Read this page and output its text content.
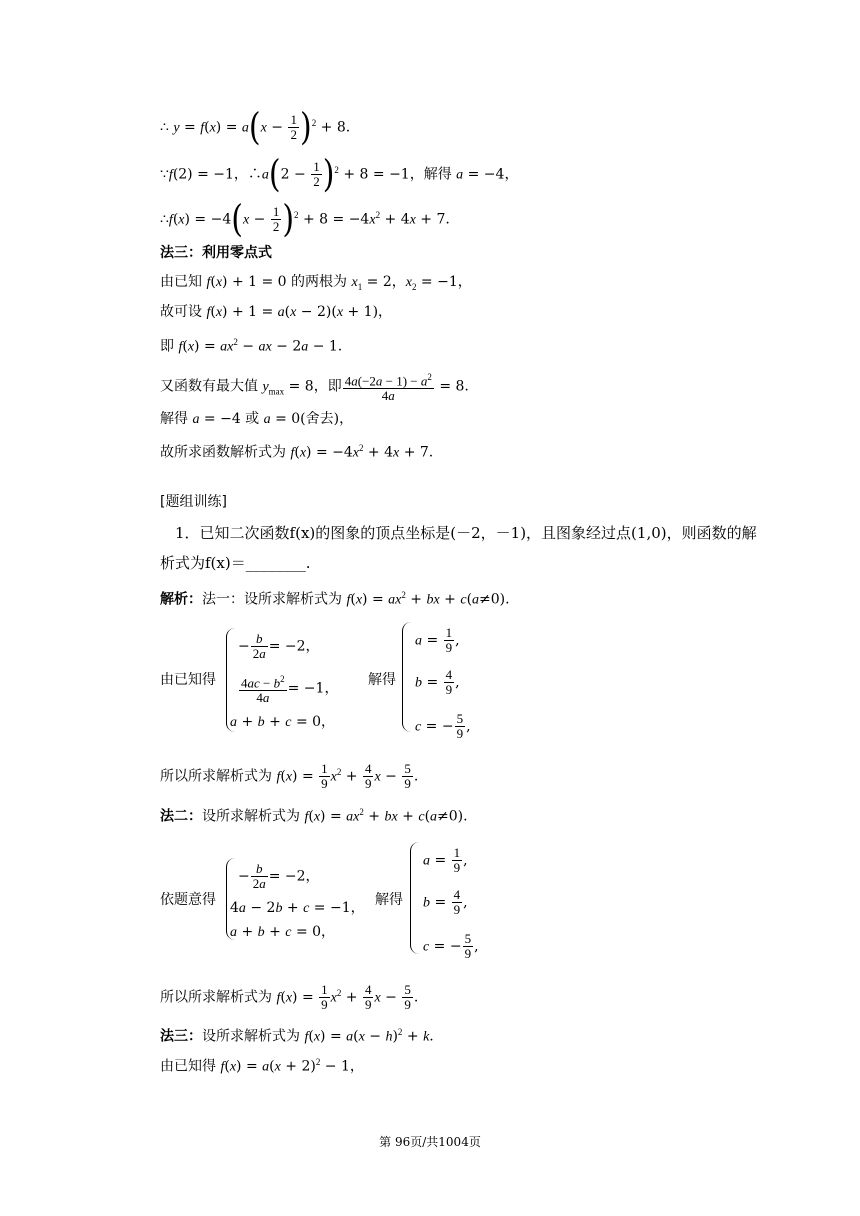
∴ $y = f(x) = a(x - \frac{1}{2} )^2 + 8$.
∵f(2) = −1，∴a(2 − $\frac{1}{2} )^2 + 8 = -1$，解得 a = −4，
∴f(x) = $-4(x - \frac{1}{2} )^2 + 8 = -4x^2 + 4x + 7$.
法三：利用零点式
由已知 f(x) + 1 = 0 的两根为 $x_1 = 2$，$x_2 = -1$，
故可设 f(x) + 1 = a(x − 2)(x + 1)，
即 $f(x) = ax^2$ − ax − 2a − 1.
又函数有最大值 $y_{max} = 8$，即 $\frac{4a(-2a - 1) - a^2}{4a} = 8$.
解得 a = −4 或 a = 0(舍去)，
故所求函数解析式为 $f(x) = -4x^2 + 4x + 7$.
[题组训练]
1．已知二次函数f(x)的图象的顶点坐标是(－2，－1)，且图象经过点(1,0)，则函数的解
析式为f(x)＝________.
解析：法一：设所求解析式为 $f(x) = ax^2$ + bx + c(a≠0).
由已知得
− $\frac{b}{2a} = -2$，
$\frac{4ac - b^2}{4a} = -1$，
a + b + c = 0，
解得
$a = \frac{1}{9}$ ,
$b = \frac{4}{9}$ ,
c = − $\frac{5}{9}$ ,
所以所求解析式为 $f(x) = \frac{1}{9} x^2 + \frac{4}{9}$ $x - \frac{5}{9}$ .
法二：设所求解析式为 $f(x) = ax^2$ + bx + c(a≠0).
依题意得
− $\frac{b}{2a} = -2$，
4a − 2b + c = −1，
a + b + c = 0，
解得
$a = \frac{1}{9}$ ,
$b = \frac{4}{9}$ ,
c = − $\frac{5}{9}$ ,
所以所求解析式为 $f(x) = \frac{1}{9} x^2 + \frac{4}{9}$ $x - \frac{5}{9}$ .
法三：设所求解析式为 $f(x) = a(x - h)^2 + k$.
由已知得 $f(x) = a(x + 2)^2 - 1$，
第 96页/共1004页
